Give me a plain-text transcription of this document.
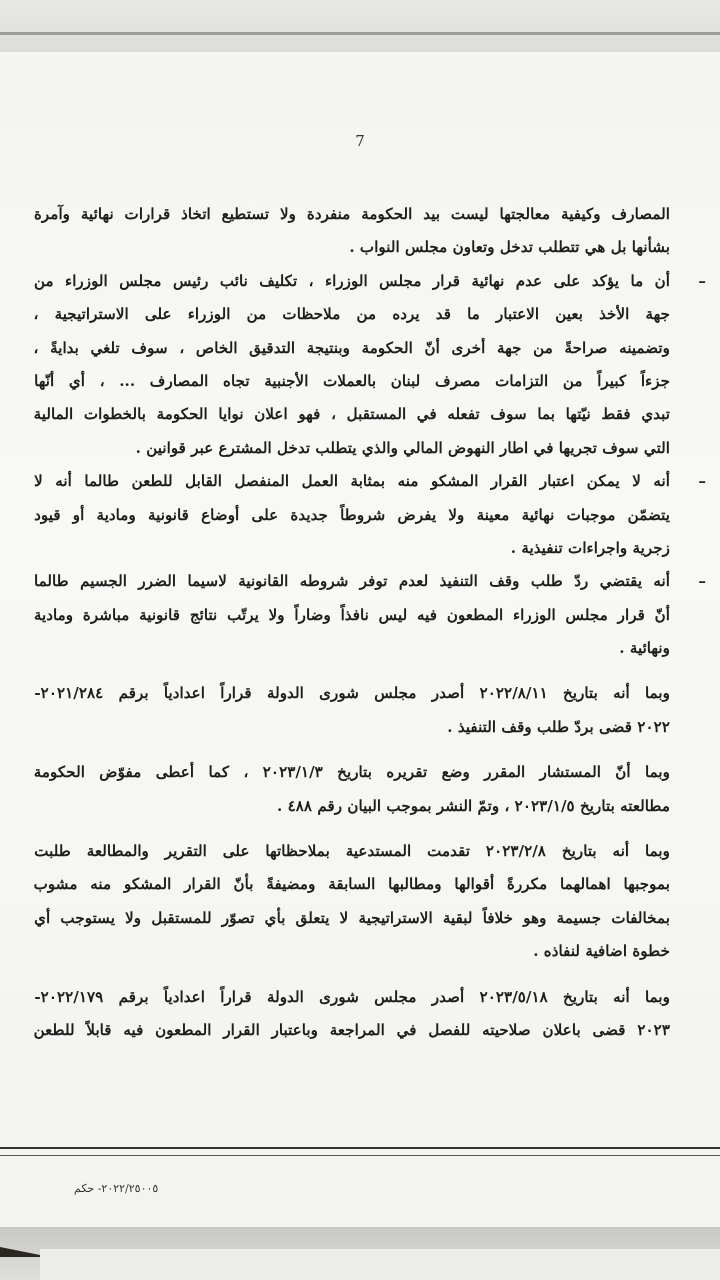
7
المصارف وكيفية معالجتها ليست بيد الحكومة منفردة ولا تستطيع اتخاذ قرارات نهائية وآمرة
بشأنها بل هي تتطلب تدخل وتعاون مجلس النواب .
–
أن ما يؤكد على عدم نهائية قرار مجلس الوزراء ، تكليف نائب رئيس مجلس الوزراء من
جهة الأخذ بعين الاعتبار ما قد يرده من ملاحظات من الوزراء على الاستراتيجية ،
وتضمينه صراحةً من جهة أخرى أنّ الحكومة وبنتيجة التدقيق الخاص ، سوف تلغي بدايةً ،
جزءاً كبيراً من التزامات مصرف لبنان بالعملات الأجنبية تجاه المصارف ... ، أي أنّها
تبدي فقط نيّتها بما سوف تفعله في المستقبل ، فهو اعلان نوايا الحكومة بالخطوات المالية
التي سوف تجريها في اطار النهوض المالي والذي يتطلب تدخل المشترع عبر قوانين .
–
أنه لا يمكن اعتبار القرار المشكو منه بمثابة العمل المنفصل القابل للطعن طالما أنه لا
يتضمّن موجبات نهائية معينة ولا يفرض شروطاً جديدة على أوضاع قانونية ومادية أو قيود
زجرية واجراءات تنفيذية .
–
أنه يقتضي ردّ طلب وقف التنفيذ لعدم توفر شروطه القانونية لاسيما الضرر الجسيم طالما
أنّ قرار مجلس الوزراء المطعون فيه ليس نافذاً وضاراً ولا يرتّب نتائج قانونية مباشرة ومادية
ونهائية .
وبما أنه بتاريخ ٢٠٢٢/٨/١١ أصدر مجلس شورى الدولة قراراً اعدادياً برقم ٢٠٢١/٢٨٤-
٢٠٢٢ قضى بردّ طلب وقف التنفيذ .
وبما أنّ المستشار المقرر وضع تقريره بتاريخ ٢٠٢٣/١/٣ ، كما أعطى مفوّض الحكومة
مطالعته بتاريخ ٢٠٢٣/١/٥ ، وتمّ النشر بموجب البيان رقم ٤٨٨ .
وبما أنه بتاريخ ٢٠٢٣/٢/٨ تقدمت المستدعية بملاحظاتها على التقرير والمطالعة طلبت
بموجبها اهمالهما مكررةً أقوالها ومطالبها السابقة ومضيفةً بأنّ القرار المشكو منه مشوب
بمخالفات جسيمة وهو خلافاً لبقية الاستراتيجية لا يتعلق بأي تصوّر للمستقبل ولا يستوجب أي
خطوة اضافية لنفاذه .
وبما أنه بتاريخ ٢٠٢٣/٥/١٨ أصدر مجلس شورى الدولة قراراً اعدادياً برقم ٢٠٢٢/١٧٩-
٢٠٢٣ قضى باعلان صلاحيته للفصل في المراجعة وباعتبار القرار المطعون فيه قابلاً للطعن
٢٠٢٢/٢٥٠٠٥- حكم
